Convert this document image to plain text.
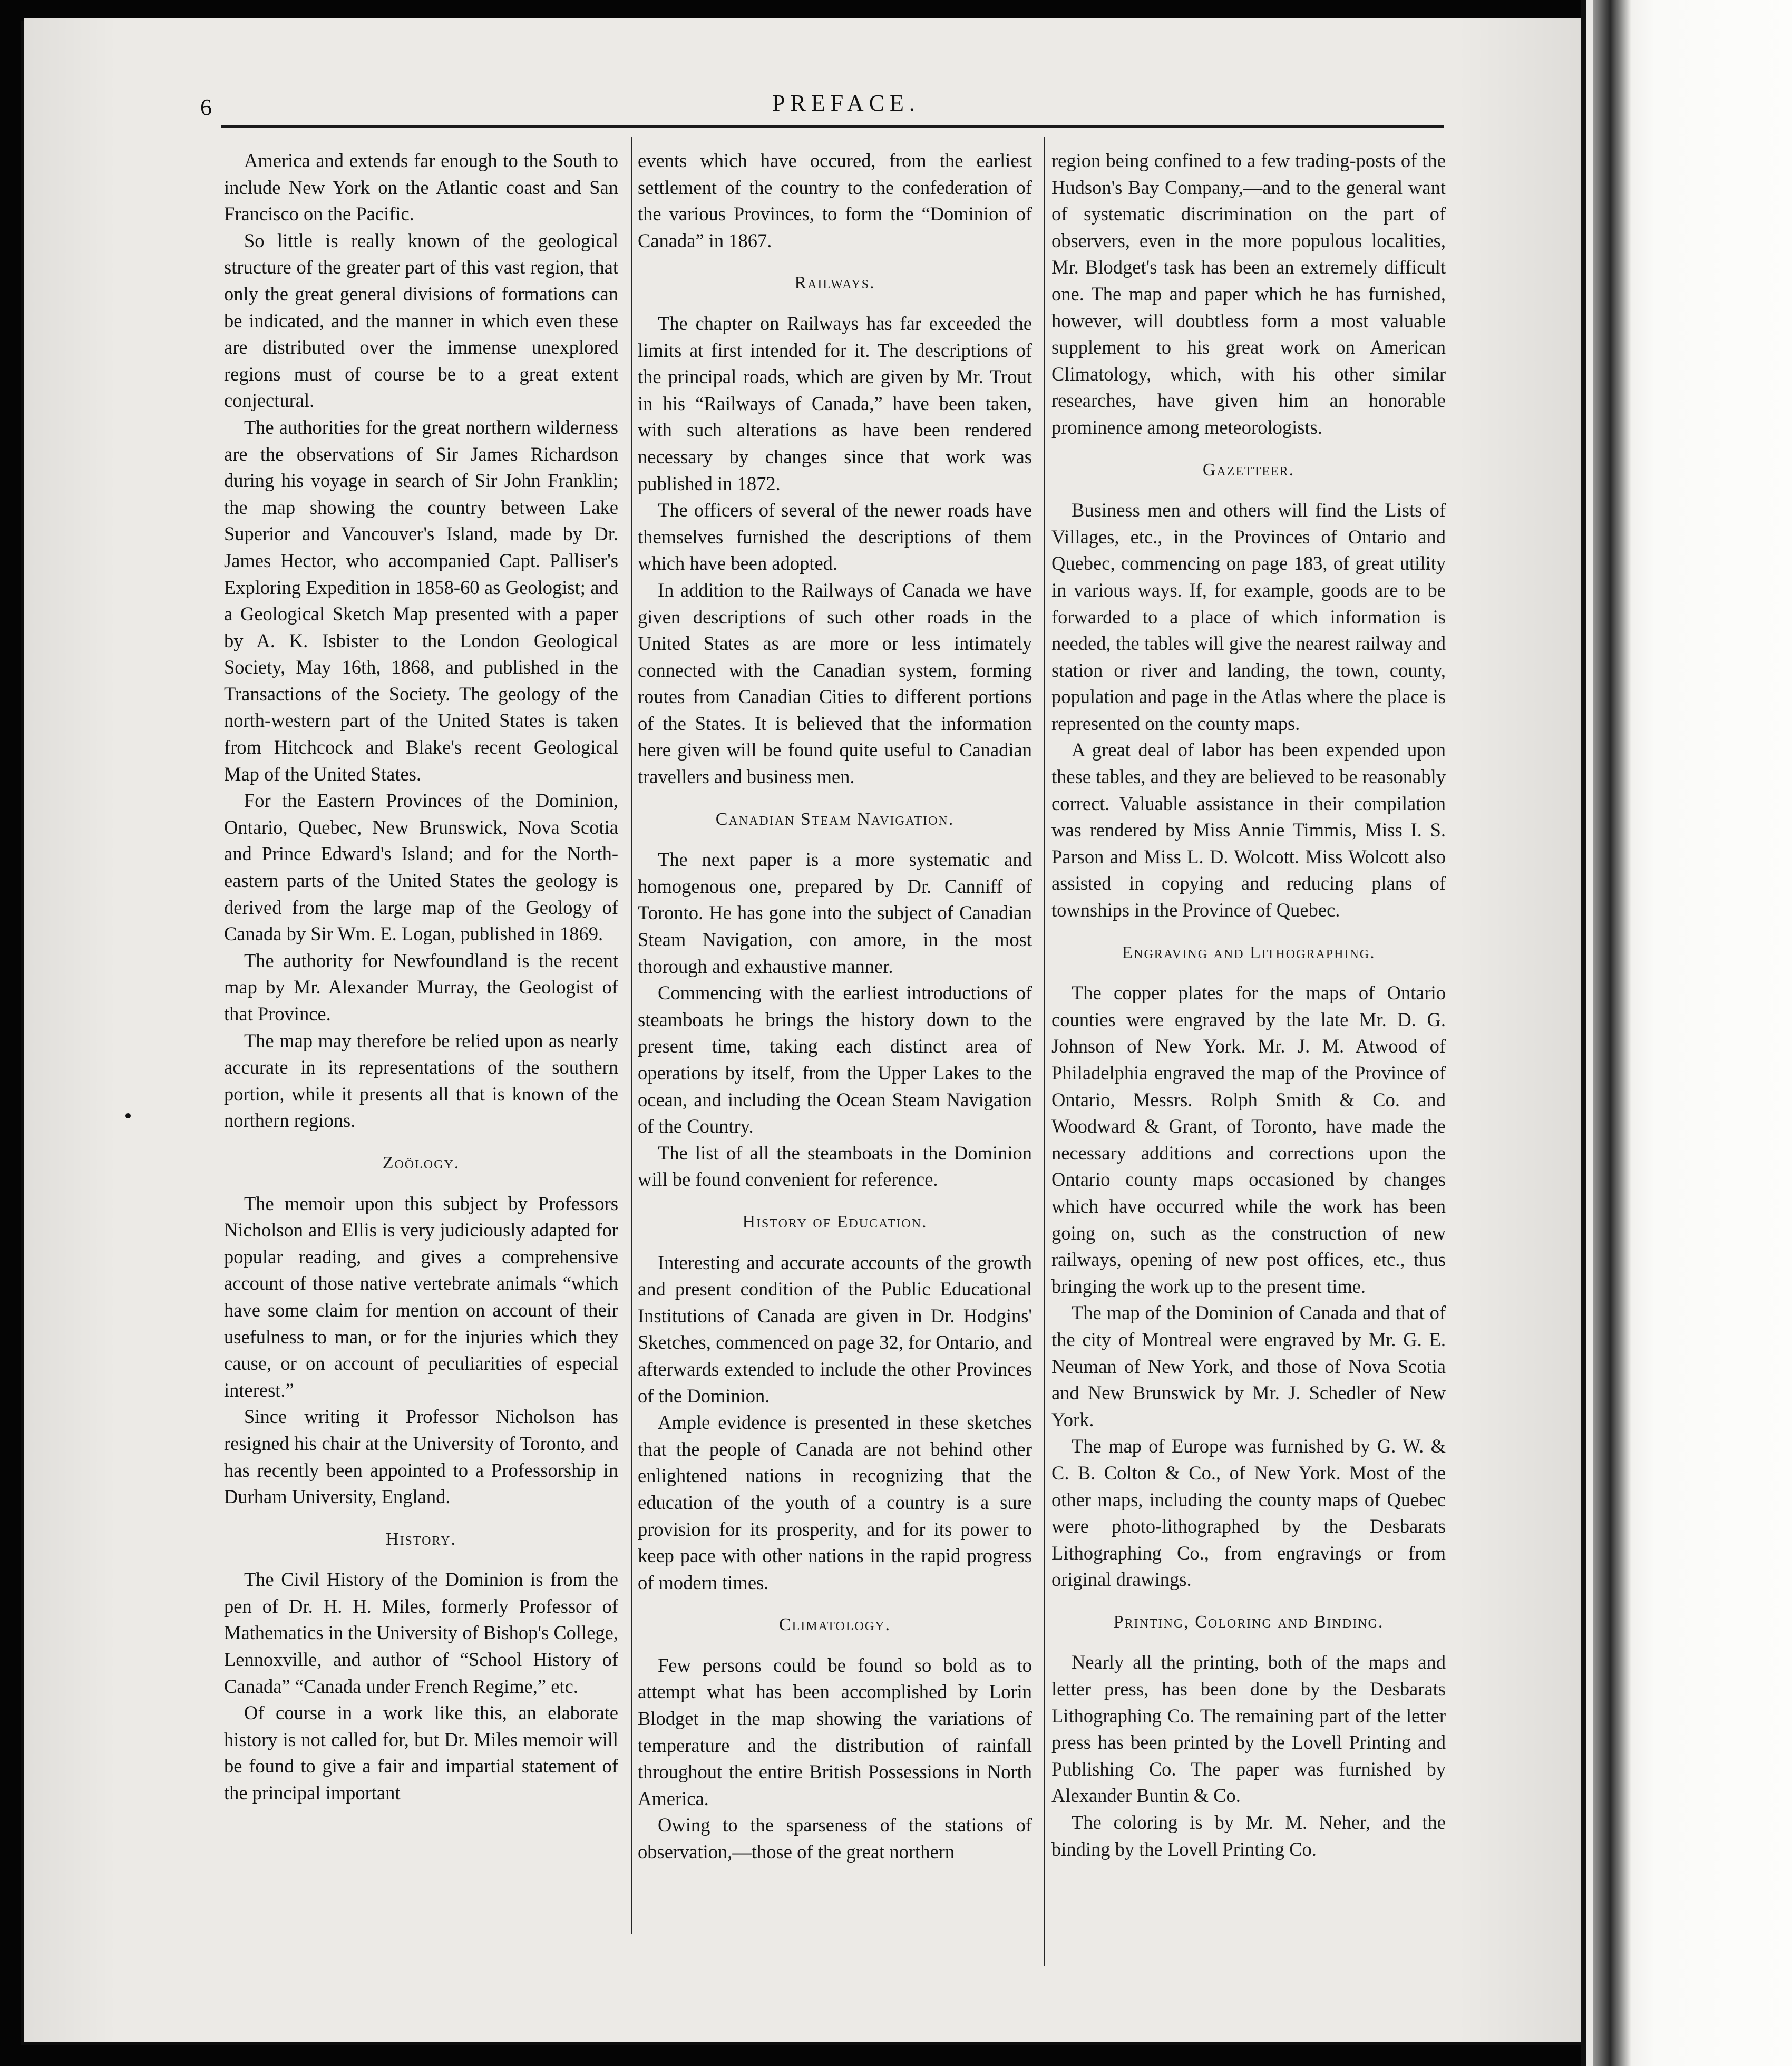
6	PREFACE.

America and extends far enough to the South to include New York on the Atlantic coast and San Francisco on the Pacific.

So little is really known of the geological structure of the greater part of this vast region, that only the great general divisions of formations can be indicated, and the manner in which even these are distributed over the immense unexplored regions must of course be to a great extent conjectural.

The authorities for the great northern wilderness are the observations of Sir James Richardson during his voyage in search of Sir John Franklin; the map showing the country between Lake Superior and Vancouver's Island, made by Dr. James Hector, who accompanied Capt. Palliser's Exploring Expedition in 1858-60 as Geologist; and a Geological Sketch Map presented with a paper by A. K. Isbister to the London Geological Society, May 16th, 1868, and published in the Transactions of the Society. The geology of the north-western part of the United States is taken from Hitchcock and Blake's recent Geological Map of the United States.

For the Eastern Provinces of the Dominion, Ontario, Quebec, New Brunswick, Nova Scotia and Prince Edward's Island; and for the North-eastern parts of the United States the geology is derived from the large map of the Geology of Canada by Sir Wm. E. Logan, published in 1869.

The authority for Newfoundland is the recent map by Mr. Alexander Murray, the Geologist of that Province.

The map may therefore be relied upon as nearly accurate in its representations of the southern portion, while it presents all that is known of the northern regions.

Zoölogy.

The memoir upon this subject by Professors Nicholson and Ellis is very judiciously adapted for popular reading, and gives a comprehensive account of those native vertebrate animals “which have some claim for mention on account of their usefulness to man, or for the injuries which they cause, or on account of peculiarities of especial interest.”

Since writing it Professor Nicholson has resigned his chair at the University of Toronto, and has recently been appointed to a Professorship in Durham University, England.

History.

The Civil History of the Dominion is from the pen of Dr. H. H. Miles, formerly Professor of Mathematics in the University of Bishop's College, Lennoxville, and author of “School History of Canada” “Canada under French Regime,” etc.

Of course in a work like this, an elaborate history is not called for, but Dr. Miles memoir will be found to give a fair and impartial statement of the principal important

events which have occured, from the earliest settlement of the country to the confederation of the various Provinces, to form the “Dominion of Canada” in 1867.

Railways.

The chapter on Railways has far exceeded the limits at first intended for it. The descriptions of the principal roads, which are given by Mr. Trout in his “Railways of Canada,” have been taken, with such alterations as have been rendered necessary by changes since that work was published in 1872.

The officers of several of the newer roads have themselves furnished the descriptions of them which have been adopted.

In addition to the Railways of Canada we have given descriptions of such other roads in the United States as are more or less intimately connected with the Canadian system, forming routes from Canadian Cities to different portions of the States. It is believed that the information here given will be found quite useful to Canadian travellers and business men.

Canadian Steam Navigation.

The next paper is a more systematic and homogenous one, prepared by Dr. Canniff of Toronto. He has gone into the subject of Canadian Steam Navigation, con amore, in the most thorough and exhaustive manner.

Commencing with the earliest introductions of steamboats he brings the history down to the present time, taking each distinct area of operations by itself, from the Upper Lakes to the ocean, and including the Ocean Steam Navigation of the Country.

The list of all the steamboats in the Dominion will be found convenient for reference.

History of Education.

Interesting and accurate accounts of the growth and present condition of the Public Educational Institutions of Canada are given in Dr. Hodgins' Sketches, commenced on page 32, for Ontario, and afterwards extended to include the other Provinces of the Dominion.

Ample evidence is presented in these sketches that the people of Canada are not behind other enlightened nations in recognizing that the education of the youth of a country is a sure provision for its prosperity, and for its power to keep pace with other nations in the rapid progress of modern times.

Climatology.

Few persons could be found so bold as to attempt what has been accomplished by Lorin Blodget in the map showing the variations of temperature and the distribution of rainfall throughout the entire British Possessions in North America.

Owing to the sparseness of the stations of observation,—those of the great northern

region being confined to a few trading-posts of the Hudson's Bay Company,—and to the general want of systematic discrimination on the part of observers, even in the more populous localities, Mr. Blodget's task has been an extremely difficult one. The map and paper which he has furnished, however, will doubtless form a most valuable supplement to his great work on American Climatology, which, with his other similar researches, have given him an honorable prominence among meteorologists.

Gazetteer.

Business men and others will find the Lists of Villages, etc., in the Provinces of Ontario and Quebec, commencing on page 183, of great utility in various ways. If, for example, goods are to be forwarded to a place of which information is needed, the tables will give the nearest railway and station or river and landing, the town, county, population and page in the Atlas where the place is represented on the county maps.

A great deal of labor has been expended upon these tables, and they are believed to be reasonably correct. Valuable assistance in their compilation was rendered by Miss Annie Timmis, Miss I. S. Parson and Miss L. D. Wolcott. Miss Wolcott also assisted in copying and reducing plans of townships in the Province of Quebec.

Engraving and Lithographing.

The copper plates for the maps of Ontario counties were engraved by the late Mr. D. G. Johnson of New York. Mr. J. M. Atwood of Philadelphia engraved the map of the Province of Ontario, Messrs. Rolph Smith & Co. and Woodward & Grant, of Toronto, have made the necessary additions and corrections upon the Ontario county maps occasioned by changes which have occurred while the work has been going on, such as the construction of new railways, opening of new post offices, etc., thus bringing the work up to the present time.

The map of the Dominion of Canada and that of the city of Montreal were engraved by Mr. G. E. Neuman of New York, and those of Nova Scotia and New Brunswick by Mr. J. Schedler of New York.

The map of Europe was furnished by G. W. & C. B. Colton & Co., of New York. Most of the other maps, including the county maps of Quebec were photo-lithographed by the Desbarats Lithographing Co., from engravings or from original drawings.

Printing, Coloring and Binding.

Nearly all the printing, both of the maps and letter press, has been done by the Desbarats Lithographing Co. The remaining part of the letter press has been printed by the Lovell Printing and Publishing Co. The paper was furnished by Alexander Buntin & Co.

The coloring is by Mr. M. Neher, and the binding by the Lovell Printing Co.
